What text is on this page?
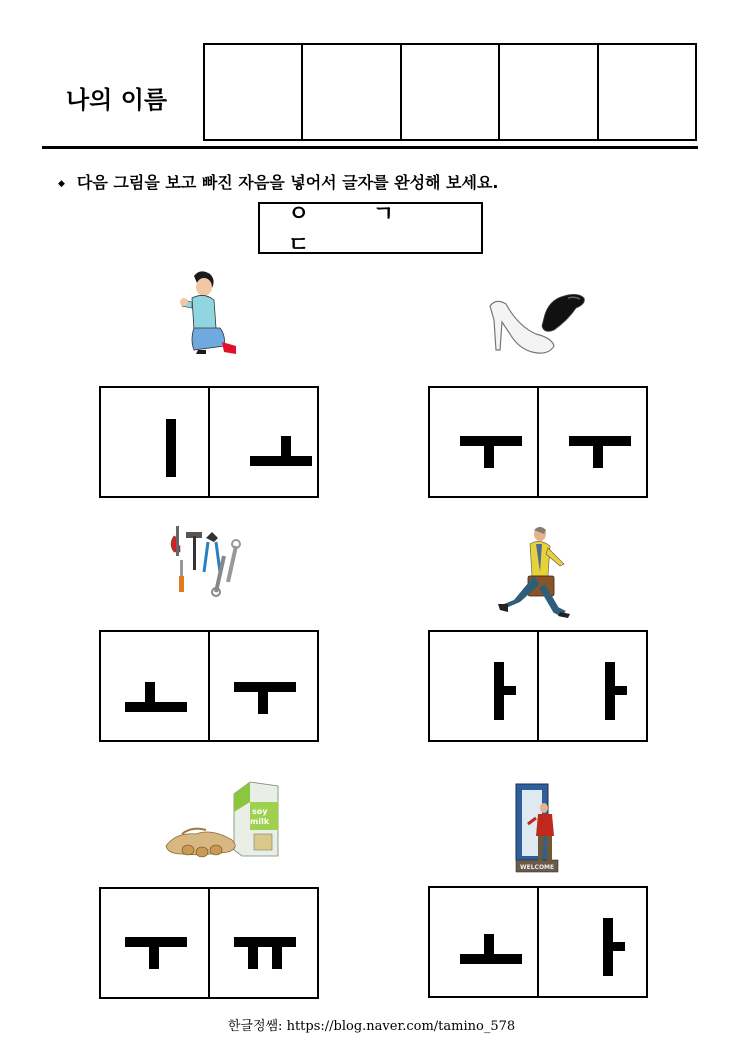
나의 이름
◆ 다음 그림을 보고 빠진 자음을 넣어서 글자를 완성해 보세요.
ㅇ ㄱ ㄷ
soy
milk
WELCOME
한글정쌤: https://blog.naver.com/tamino_578
